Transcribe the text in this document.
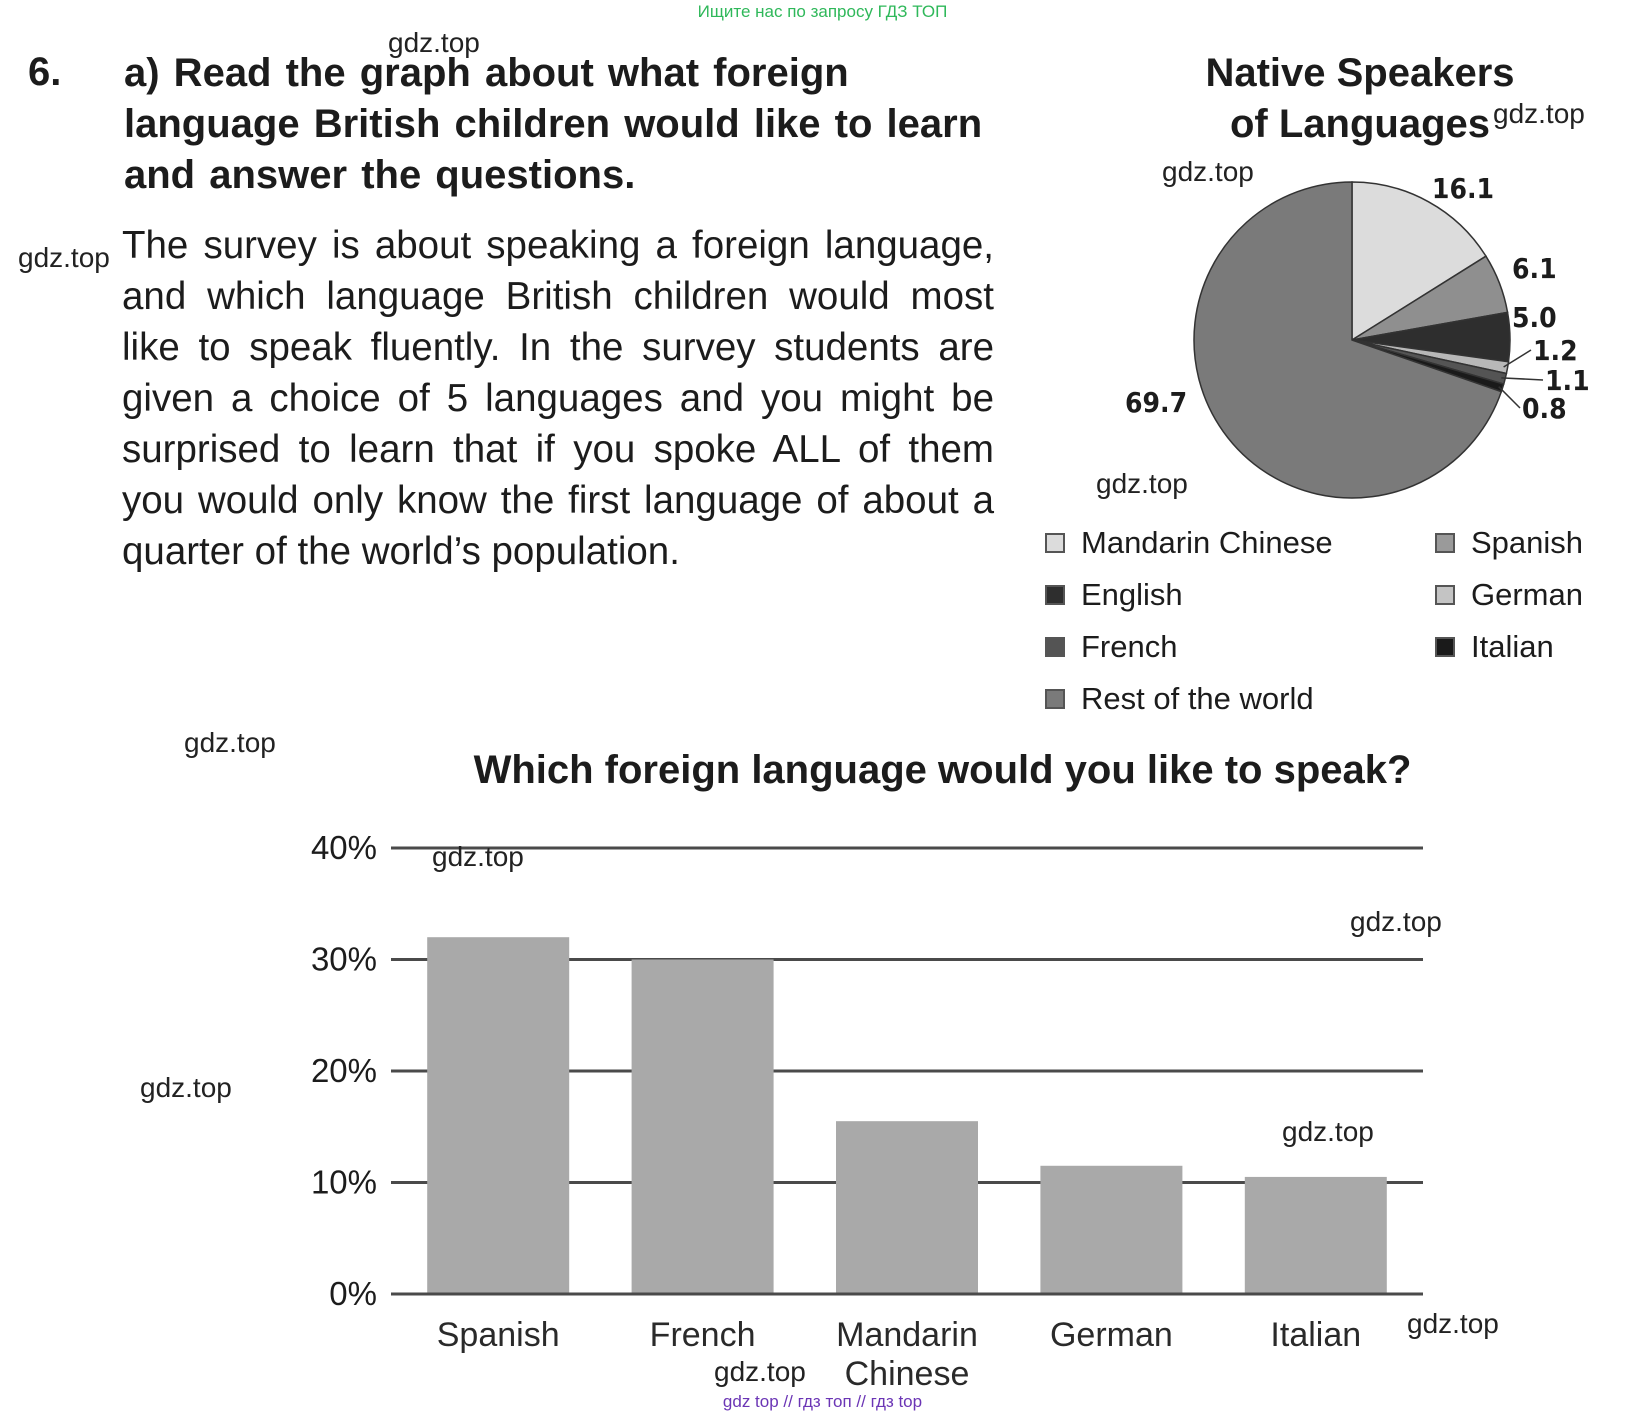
Ищите нас по запросу ГДЗ ТОП
6. a) Read the graph about what foreign language British children would like to learn and answer the questions.
The survey is about speaking a foreign language, and which language British children would most like to speak fluently. In the survey students are given a choice of 5 languages and you might be surprised to learn that if you spoke ALL of them you would only know the first language of about a quarter of the world’s population.
Native Speakers
of Languages
16.1
6.1
5.0
1.2
1.1
0.8
69.7
Mandarin Chinese	Spanish
English	German
French	Italian
Rest of the world
Which foreign language would you like to speak?
0%
10%
20%
30%
40%
Spanish	French Mandarin Chinese
German	Italian
gdz.top
gdz.top
gdz.top
gdz.top
gdz.top
gdz.top
gdz.top
gdz.top
gdz.top
gdz.top
gdz.top
gdz.top
gdz top // гдз топ // гдз top
